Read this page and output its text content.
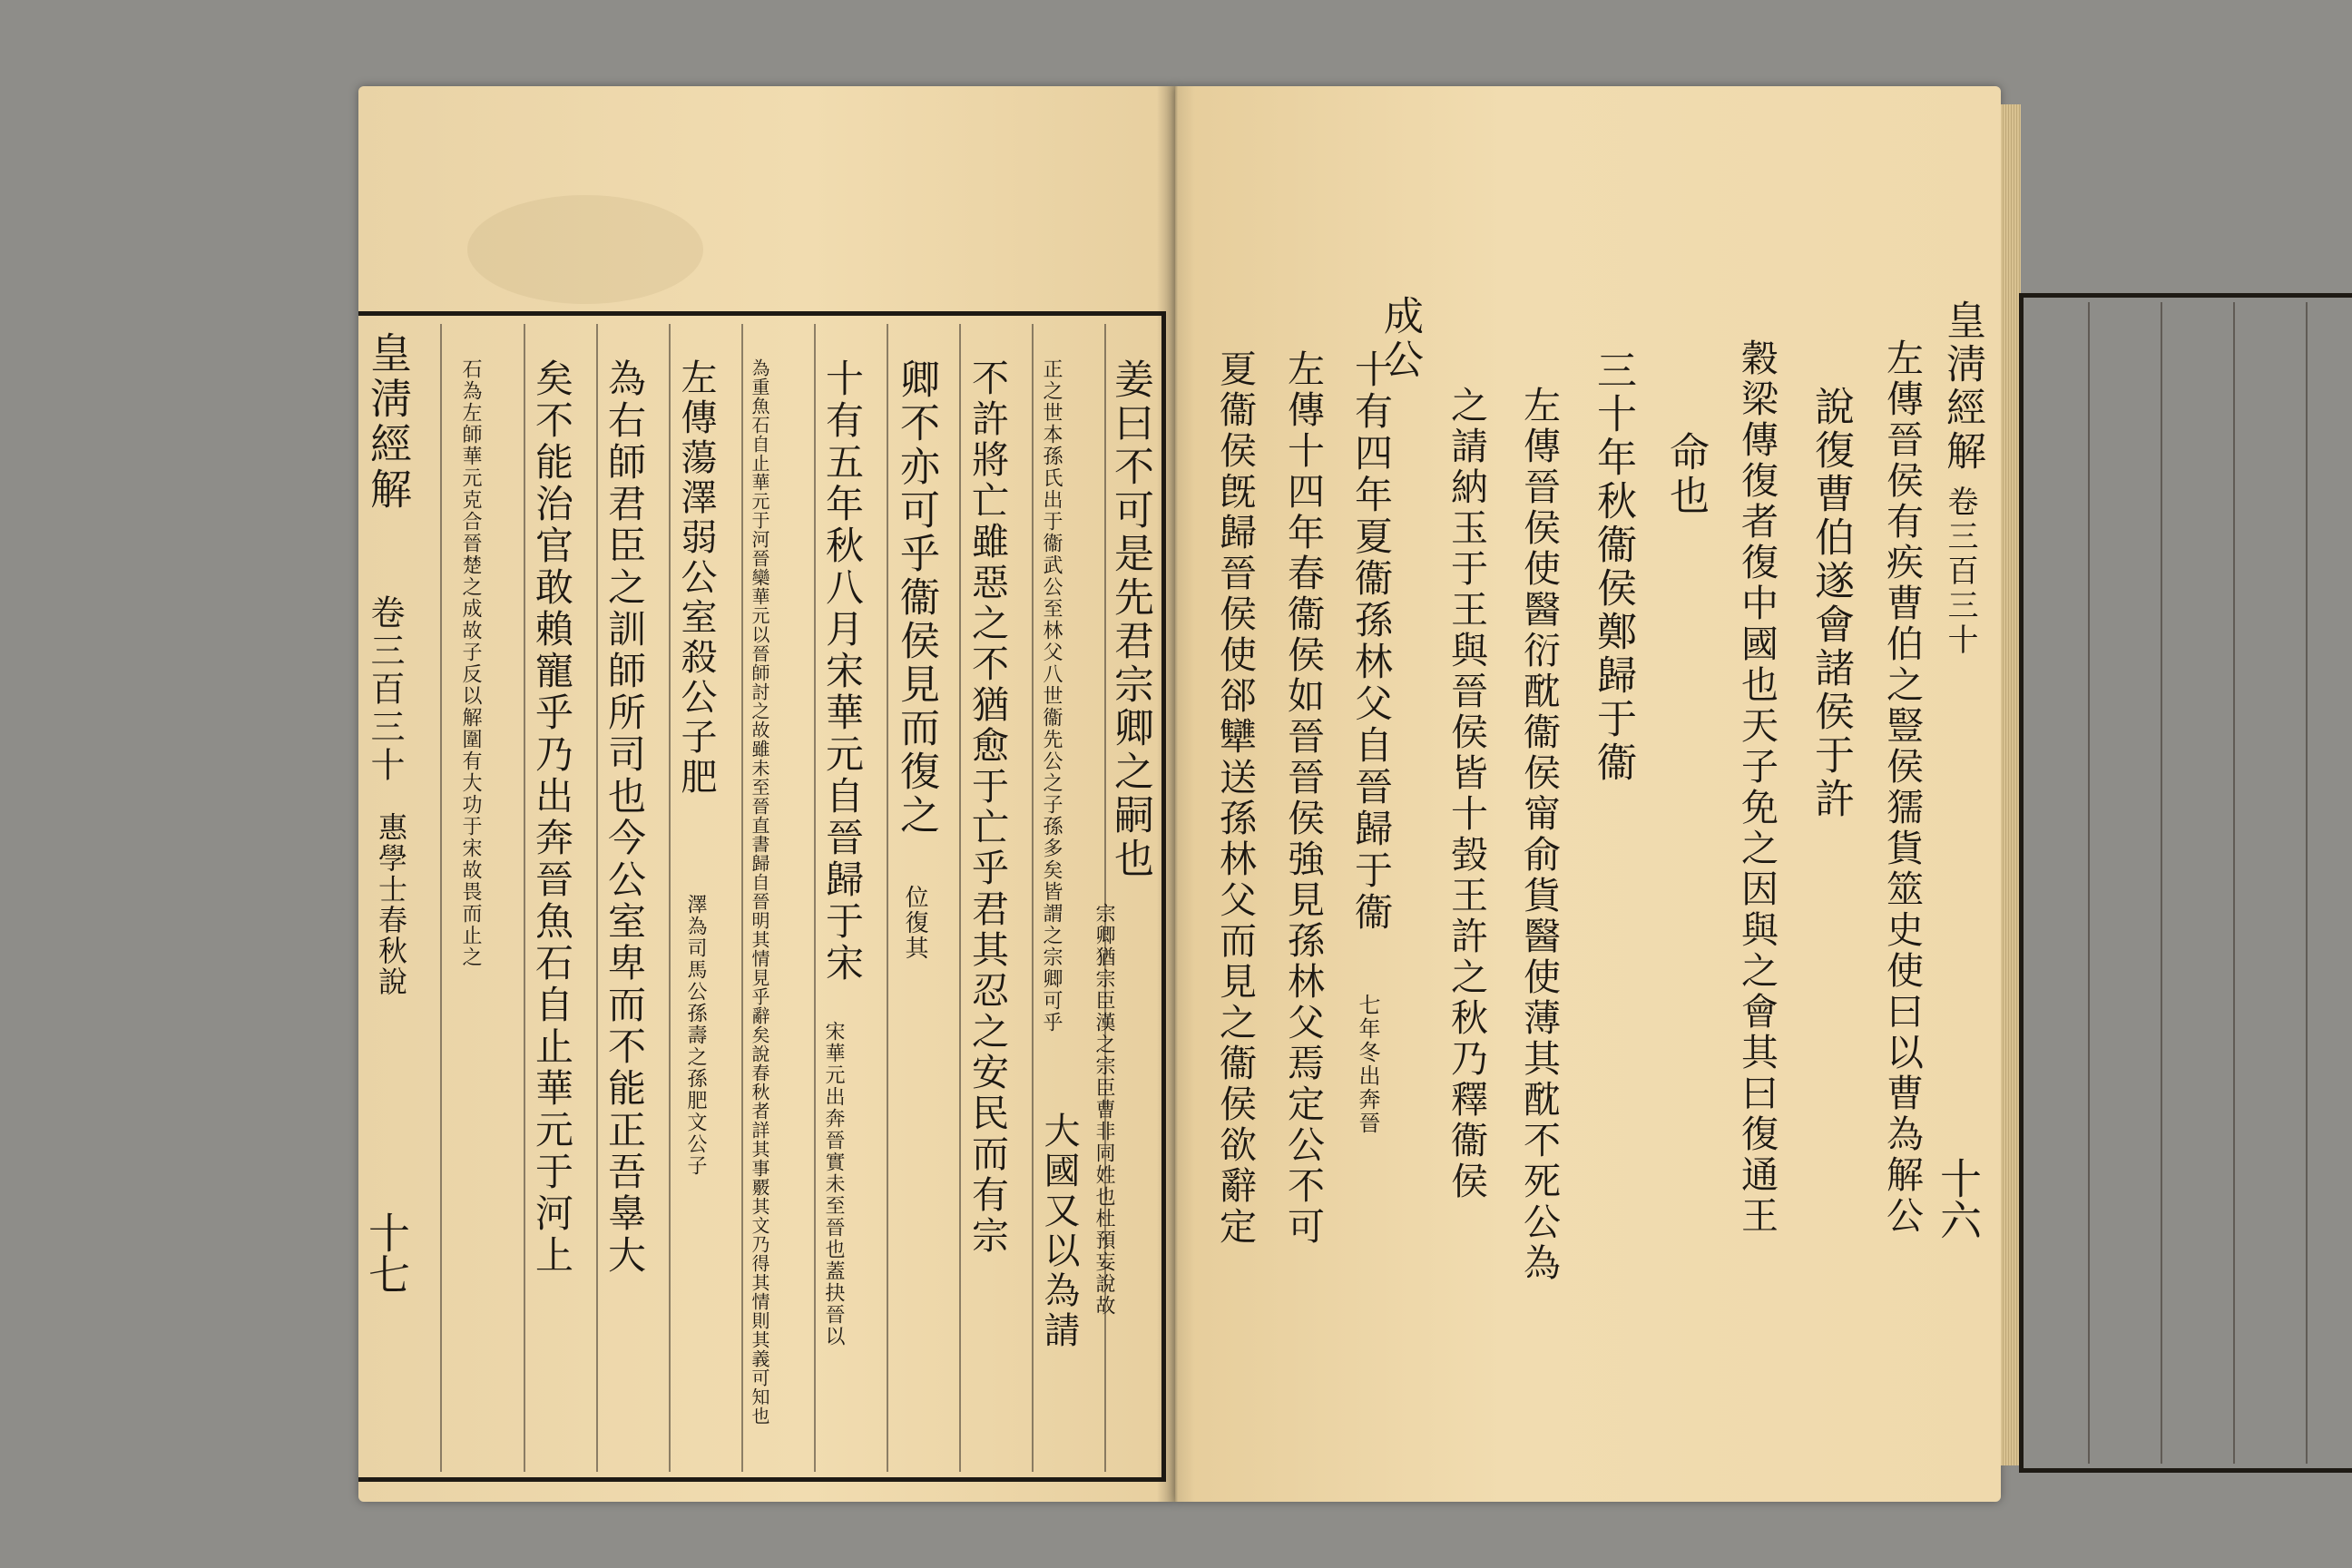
皇淸經解
卷三百三十
惠學士春秋說
十七
姜曰不可是先君宗卿之嗣也
宗卿猶宗臣漢之宗臣曹非同姓也杜預妄說故
正之世本孫氏出于衞武公至林父八世衞先公之子孫多矣皆謂之宗卿可乎
大國又以為請
不許將亡雖惡之不猶愈于亡乎君其忍之安民而有宗
卿不亦可乎衞侯見而復之
位復其
十有五年秋八月宋華元自晉歸于宋
宋華元出奔晉實未至晉也蓋抉晉以
為重魚石自止華元于河晉欒華元以晉師討之故雖未至晉直書歸自晉明其情見乎辭矣說春秋者詳其事覈其文乃得其情則其義可知也
左傳蕩澤弱公室殺公子肥
澤為司馬公孫壽之孫肥文公子
為右師君臣之訓師所司也今公室卑而不能正吾辠大
矣不能治官敢賴寵乎乃出奔晉魚石自止華元于河上
石為左師華元克合晉楚之成故子反以解圍有大功于宋故畏而止之	皇淸經解
卷三百三十
十六
左傳晉侯有疾曹伯之豎侯獳貨筮史使曰以曹為解公
說復曹伯遂會諸侯于許
穀梁傳復者復中國也天子免之因與之會其曰復通王
命也
三十年秋衞侯鄭歸于衞
左傳晉侯使醫衍酖衞侯甯俞貨醫使薄其酖不死公為
之請納玉于王與晉侯皆十㲄王許之秋乃釋衞侯
成公
十有四年夏衞孫林父自晉歸于衞
七年冬出奔晉
左傳十四年春衞侯如晉晉侯強見孫林父焉定公不可
夏衞侯旣歸晉侯使郤犫送孫林父而見之衞侯欲辭定
